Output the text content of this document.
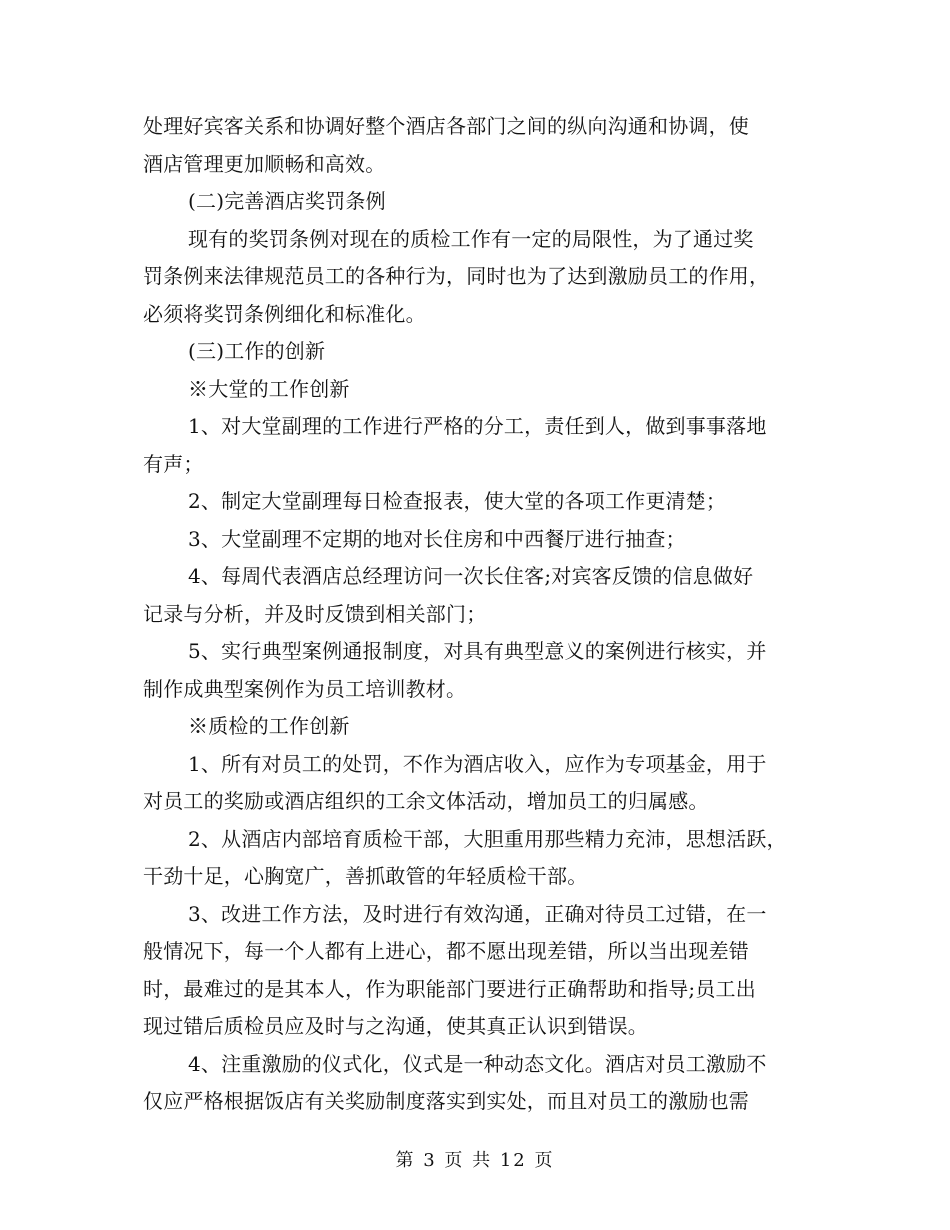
处理好宾客关系和协调好整个酒店各部门之间的纵向沟通和协调，使
酒店管理更加顺畅和高效。
(二)完善酒店奖罚条例
现有的奖罚条例对现在的质检工作有一定的局限性，为了通过奖
罚条例来法律规范员工的各种行为，同时也为了达到激励员工的作用，
必须将奖罚条例细化和标准化。
(三)工作的创新
※大堂的工作创新
1、对大堂副理的工作进行严格的分工，责任到人，做到事事落地
有声；
2、制定大堂副理每日检查报表，使大堂的各项工作更清楚；
3、大堂副理不定期的地对长住房和中西餐厅进行抽查；
4、每周代表酒店总经理访问一次长住客;对宾客反馈的信息做好
记录与分析，并及时反馈到相关部门；
5、实行典型案例通报制度，对具有典型意义的案例进行核实，并
制作成典型案例作为员工培训教材。
※质检的工作创新
1、所有对员工的处罚，不作为酒店收入，应作为专项基金，用于
对员工的奖励或酒店组织的工余文体活动，增加员工的归属感。
2、从酒店内部培育质检干部，大胆重用那些精力充沛，思想活跃，
干劲十足，心胸宽广，善抓敢管的年轻质检干部。
3、改进工作方法，及时进行有效沟通，正确对待员工过错，在一
般情况下，每一个人都有上进心，都不愿出现差错，所以当出现差错
时，最难过的是其本人，作为职能部门要进行正确帮助和指导;员工出
现过错后质检员应及时与之沟通，使其真正认识到错误。
4、注重激励的仪式化，仪式是一种动态文化。酒店对员工激励不
仅应严格根据饭店有关奖励制度落实到实处，而且对员工的激励也需
第 3 页 共 12 页
